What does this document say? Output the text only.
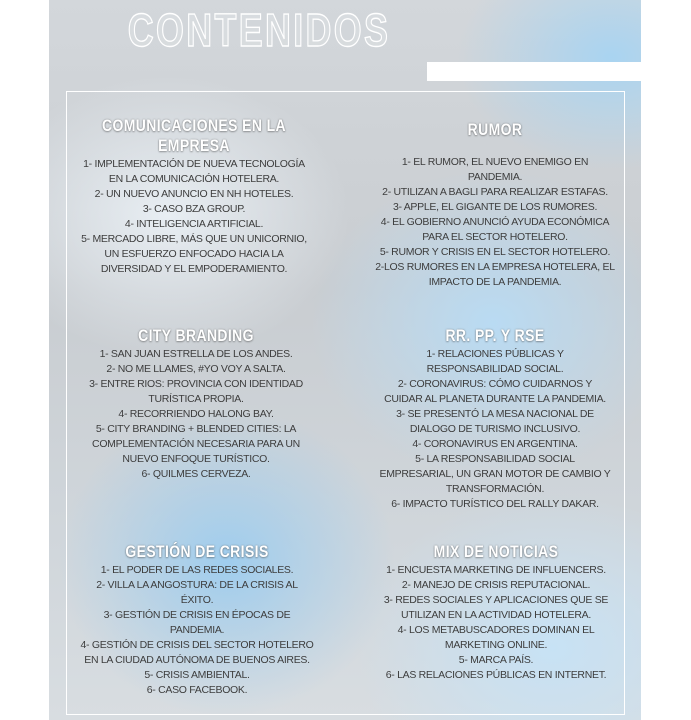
CONTENIDOS
COMUNICACIONES EN LA EMPRESA
1- IMPLEMENTACIÓN DE NUEVA TECNOLOGÍA EN LA COMUNICACIÓN HOTELERA.
2- UN NUEVO ANUNCIO EN NH HOTELES.
3- CASO BZA GROUP.
4- INTELIGENCIA ARTIFICIAL.
5- MERCADO LIBRE, MÁS QUE UN UNICORNIO, UN ESFUERZO ENFOCADO HACIA LA DIVERSIDAD Y EL EMPODERAMIENTO.
RUMOR
1- EL RUMOR, EL NUEVO ENEMIGO EN PANDEMIA.
2- UTILIZAN A BAGLI PARA REALIZAR ESTAFAS.
3- APPLE, EL GIGANTE DE LOS RUMORES.
4- EL GOBIERNO ANUNCIÓ AYUDA ECONÓMICA PARA EL SECTOR HOTELERO.
5- RUMOR Y CRISIS EN EL SECTOR HOTELERO.
2-LOS RUMORES EN LA EMPRESA HOTELERA, EL IMPACTO DE LA PANDEMIA.
CITY BRANDING
1- SAN JUAN ESTRELLA DE LOS ANDES.
2- NO ME LLAMES, #YO VOY A SALTA.
3- ENTRE RIOS: PROVINCIA CON IDENTIDAD TURÍSTICA PROPIA.
4- RECORRIENDO HALONG BAY.
5- CITY BRANDING + BLENDED CITIES: LA COMPLEMENTACIÓN NECESARIA PARA UN NUEVO ENFOQUE TURÍSTICO.
6- QUILMES CERVEZA.
RR. PP. Y RSE
1- RELACIONES PÚBLICAS Y RESPONSABILIDAD SOCIAL.
2- CORONAVIRUS: CÓMO CUIDARNOS Y CUIDAR AL PLANETA DURANTE LA PANDEMIA.
3- SE PRESENTÓ LA MESA NACIONAL DE DIALOGO DE TURISMO INCLUSIVO.
4- CORONAVIRUS EN ARGENTINA.
5- LA RESPONSABILIDAD SOCIAL EMPRESARIAL, UN GRAN MOTOR DE CAMBIO Y TRANSFORMACIÓN.
6- IMPACTO TURÍSTICO DEL RALLY DAKAR.
GESTIÓN DE CRISIS
1- EL PODER DE LAS REDES SOCIALES.
2- VILLA LA ANGOSTURA: DE LA CRISIS AL ÉXITO.
3- GESTIÓN DE CRISIS EN ÉPOCAS DE PANDEMIA.
4- GESTIÓN DE CRISIS DEL SECTOR HOTELERO EN LA CIUDAD AUTÓNOMA DE BUENOS AIRES.
5- CRISIS AMBIENTAL.
6- CASO FACEBOOK.
MIX DE NOTICIAS
1- ENCUESTA MARKETING DE INFLUENCERS.
2- MANEJO DE CRISIS REPUTACIONAL.
3- REDES SOCIALES Y APLICACIONES QUE SE UTILIZAN EN LA ACTIVIDAD HOTELERA.
4- LOS METABUSCADORES DOMINAN EL MARKETING ONLINE.
5- MARCA PAÍS.
6- LAS RELACIONES PÚBLICAS EN INTERNET.
